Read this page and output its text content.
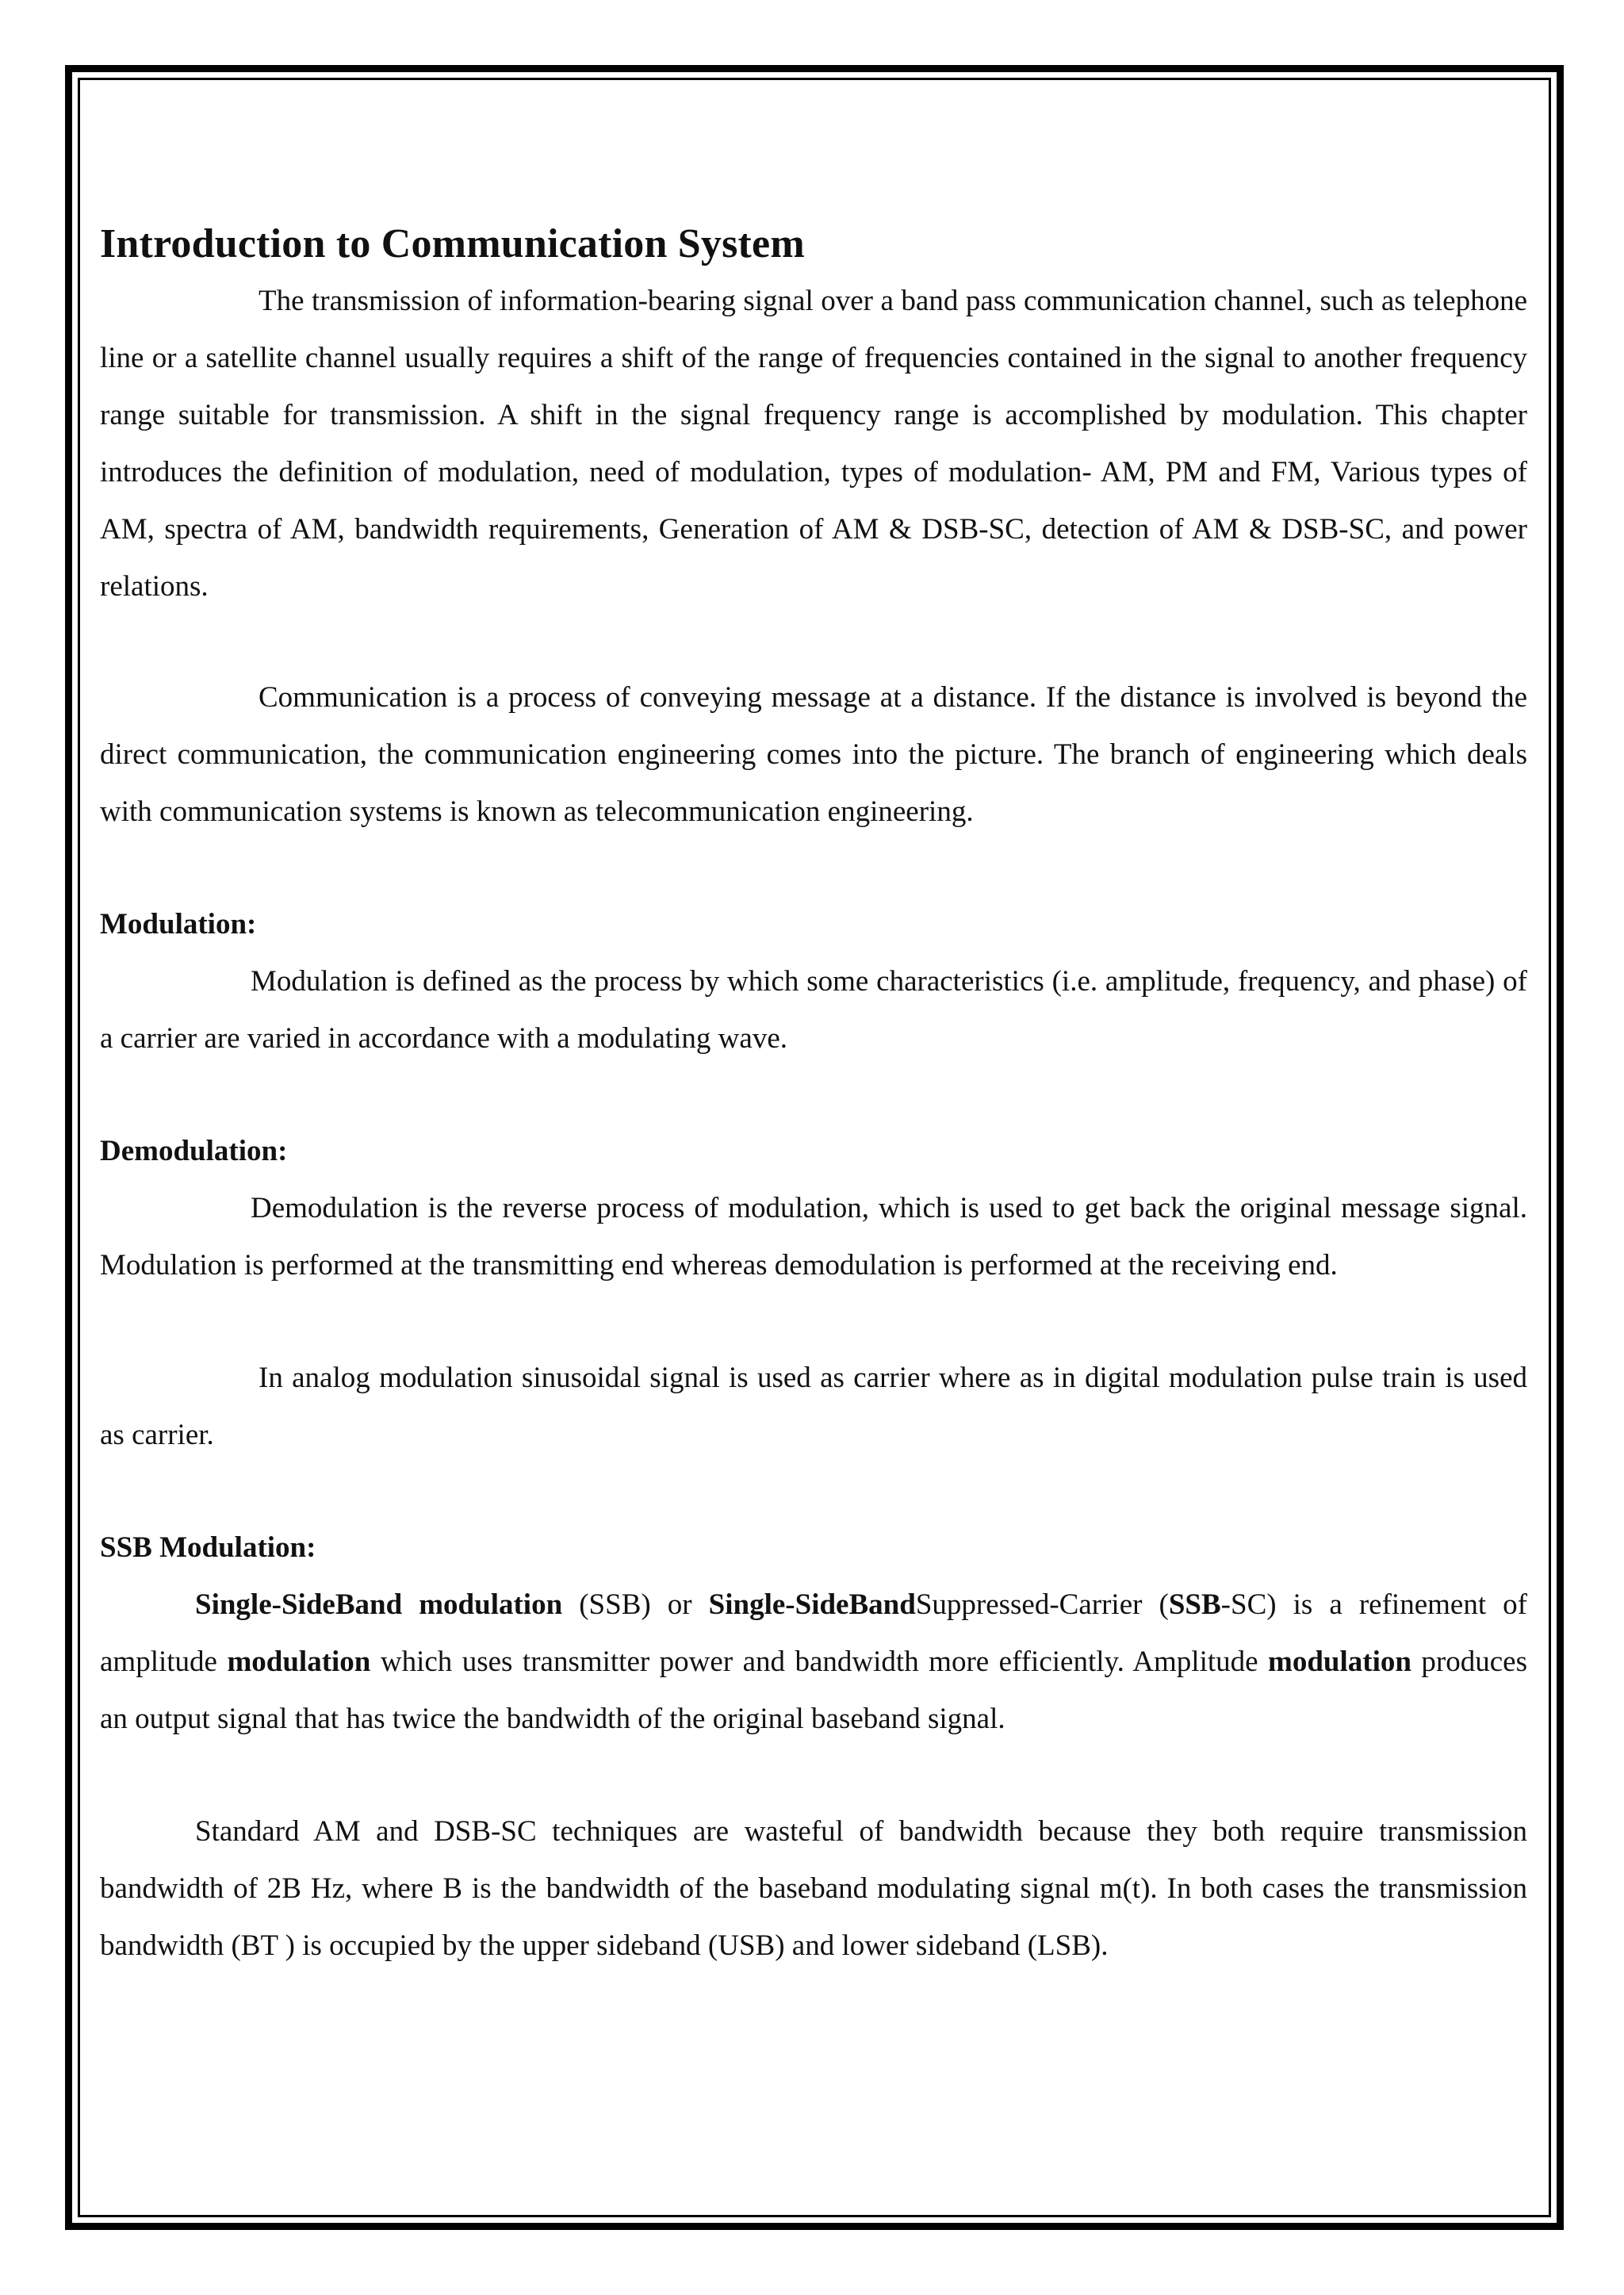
Introduction to Communication System

The transmission of information-bearing signal over a band pass communication channel, such as telephone line or a satellite channel usually requires a shift of the range of frequencies contained in the signal to another frequency range suitable for transmission. A shift in the signal frequency range is accomplished by modulation. This chapter introduces the definition of modulation, need of modulation, types of modulation- AM, PM and FM, Various types of AM, spectra of AM, bandwidth requirements, Generation of AM & DSB-SC, detection of AM & DSB-SC, and power relations.

Communication is a process of conveying message at a distance. If the distance is involved is beyond the direct communication, the communication engineering comes into the picture. The branch of engineering which deals with communication systems is known as telecommunication engineering.

Modulation:

Modulation is defined as the process by which some characteristics (i.e. amplitude, frequency, and phase) of a carrier are varied in accordance with a modulating wave.

Demodulation:

Demodulation is the reverse process of modulation, which is used to get back the original message signal. Modulation is performed at the transmitting end whereas demodulation is performed at the receiving end.

In analog modulation sinusoidal signal is used as carrier where as in digital modulation pulse train is used as carrier.

SSB Modulation:

Single-SideBand modulation (SSB) or Single-SideBandSuppressed-Carrier (SSB-SC) is a refinement of amplitude modulation which uses transmitter power and bandwidth more efficiently. Amplitude modulation produces an output signal that has twice the bandwidth of the original baseband signal.

Standard AM and DSB-SC techniques are wasteful of bandwidth because they both require transmission bandwidth of 2B Hz, where B is the bandwidth of the baseband modulating signal m(t). In both cases the transmission bandwidth (BT ) is occupied by the upper sideband (USB) and lower sideband (LSB).
